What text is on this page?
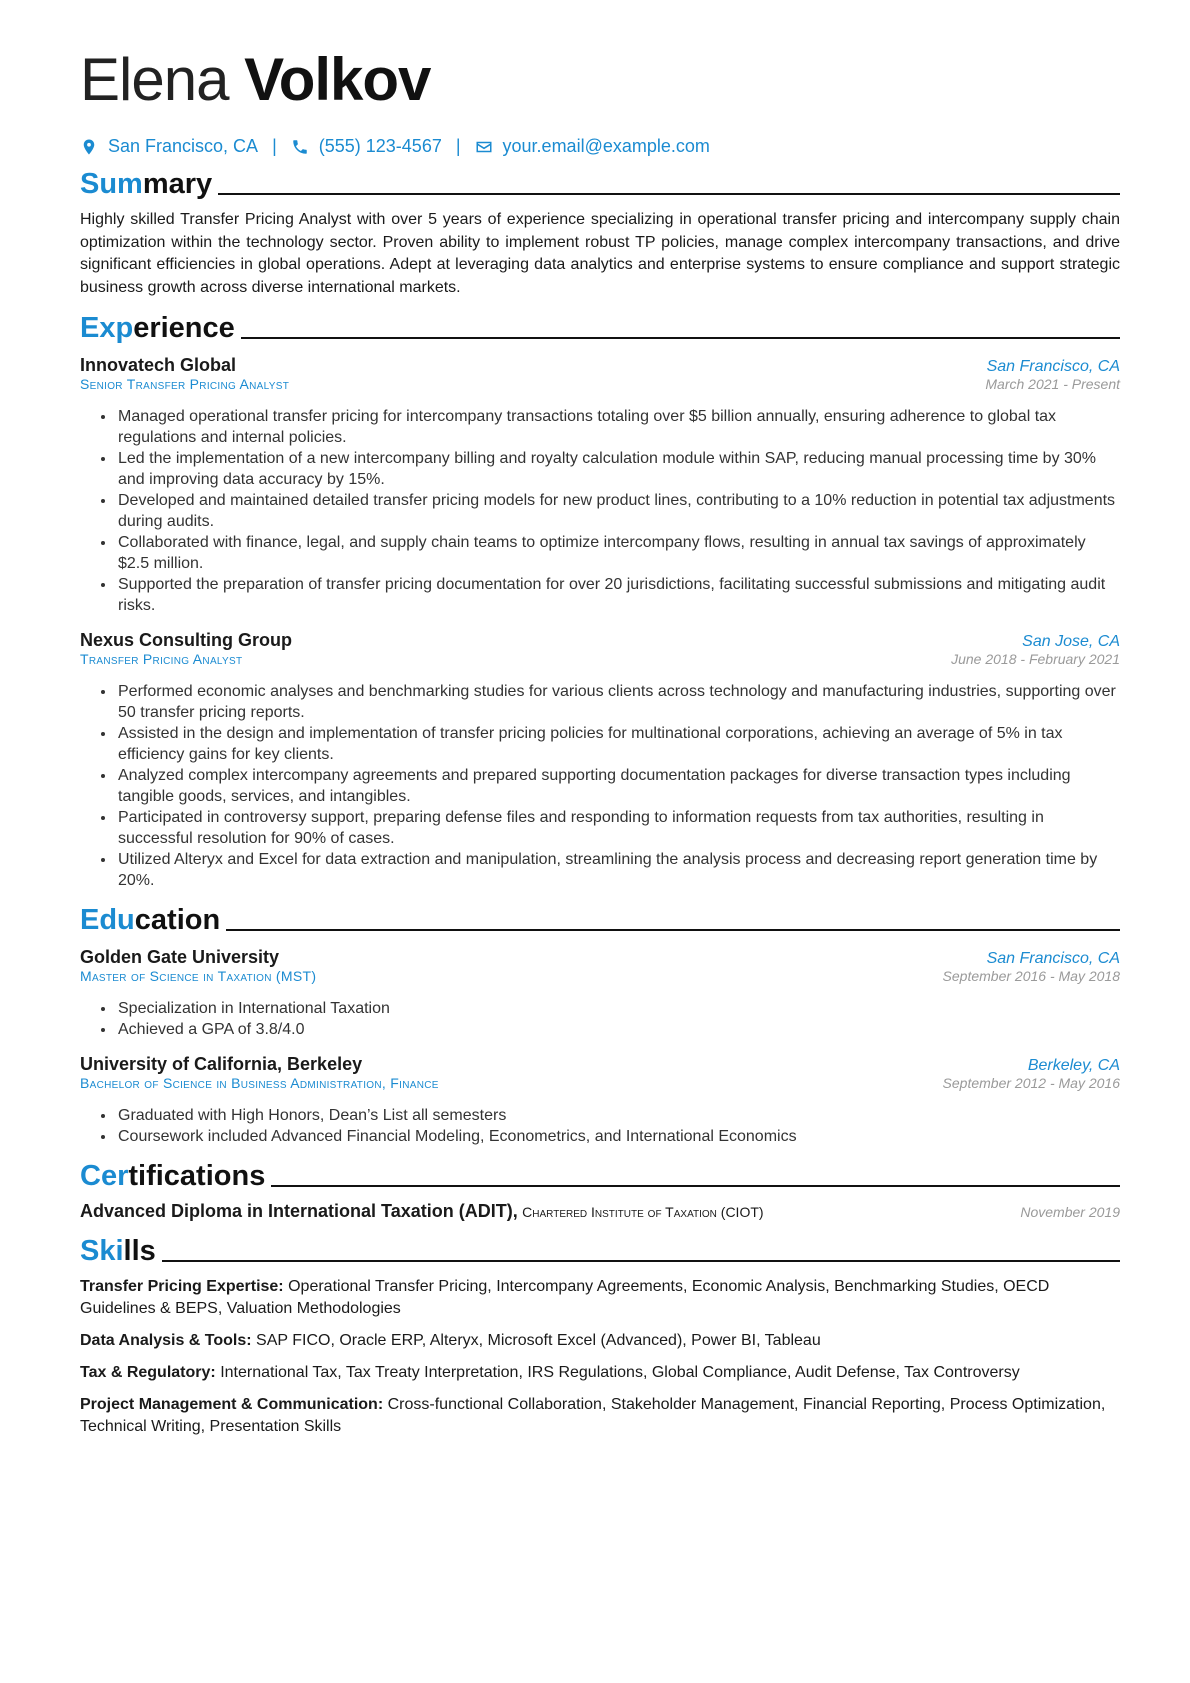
Elena Volkov
San Francisco, CA | (555) 123-4567 | your.email@example.com
Summary

Highly skilled Transfer Pricing Analyst with over 5 years of experience specializing in operational transfer pricing and intercompany supply chain optimization within the technology sector. Proven ability to implement robust TP policies, manage complex intercompany transactions, and drive significant efficiencies in global operations. Adept at leveraging data analytics and enterprise systems to ensure compliance and support strategic business growth across diverse international markets.

Experience
Innovatech Global	San Francisco, CA
Senior Transfer Pricing Analyst	March 2021 - Present
• Managed operational transfer pricing for intercompany transactions totaling over $5 billion annually, ensuring adherence to global tax regulations and internal policies.
• Led the implementation of a new intercompany billing and royalty calculation module within SAP, reducing manual processing time by 30% and improving data accuracy by 15%.
• Developed and maintained detailed transfer pricing models for new product lines, contributing to a 10% reduction in potential tax adjustments during audits.
• Collaborated with finance, legal, and supply chain teams to optimize intercompany flows, resulting in annual tax savings of approximately $2.5 million.
• Supported the preparation of transfer pricing documentation for over 20 jurisdictions, facilitating successful submissions and mitigating audit risks.
Nexus Consulting Group	San Jose, CA
Transfer Pricing Analyst	June 2018 - February 2021
• Performed economic analyses and benchmarking studies for various clients across technology and manufacturing industries, supporting over 50 transfer pricing reports.
• Assisted in the design and implementation of transfer pricing policies for multinational corporations, achieving an average of 5% in tax efficiency gains for key clients.
• Analyzed complex intercompany agreements and prepared supporting documentation packages for diverse transaction types including tangible goods, services, and intangibles.
• Participated in controversy support, preparing defense files and responding to information requests from tax authorities, resulting in successful resolution for 90% of cases.
• Utilized Alteryx and Excel for data extraction and manipulation, streamlining the analysis process and decreasing report generation time by 20%.
Education
Golden Gate University	San Francisco, CA
Master of Science in Taxation (MST)	September 2016 - May 2018
• Specialization in International Taxation
• Achieved a GPA of 3.8/4.0
University of California, Berkeley	Berkeley, CA
Bachelor of Science in Business Administration, Finance	September 2012 - May 2016
• Graduated with High Honors, Dean’s List all semesters
• Coursework included Advanced Financial Modeling, Econometrics, and International Economics
Certifications
Advanced Diploma in International Taxation (ADIT), Chartered Institute of Taxation (CIOT)	November 2019
Skills
Transfer Pricing Expertise: Operational Transfer Pricing, Intercompany Agreements, Economic Analysis, Benchmarking Studies, OECD Guidelines & BEPS, Valuation Methodologies
Data Analysis & Tools: SAP FICO, Oracle ERP, Alteryx, Microsoft Excel (Advanced), Power BI, Tableau
Tax & Regulatory: International Tax, Tax Treaty Interpretation, IRS Regulations, Global Compliance, Audit Defense, Tax Controversy
Project Management & Communication: Cross-functional Collaboration, Stakeholder Management, Financial Reporting, Process Optimization, Technical Writing, Presentation Skills
